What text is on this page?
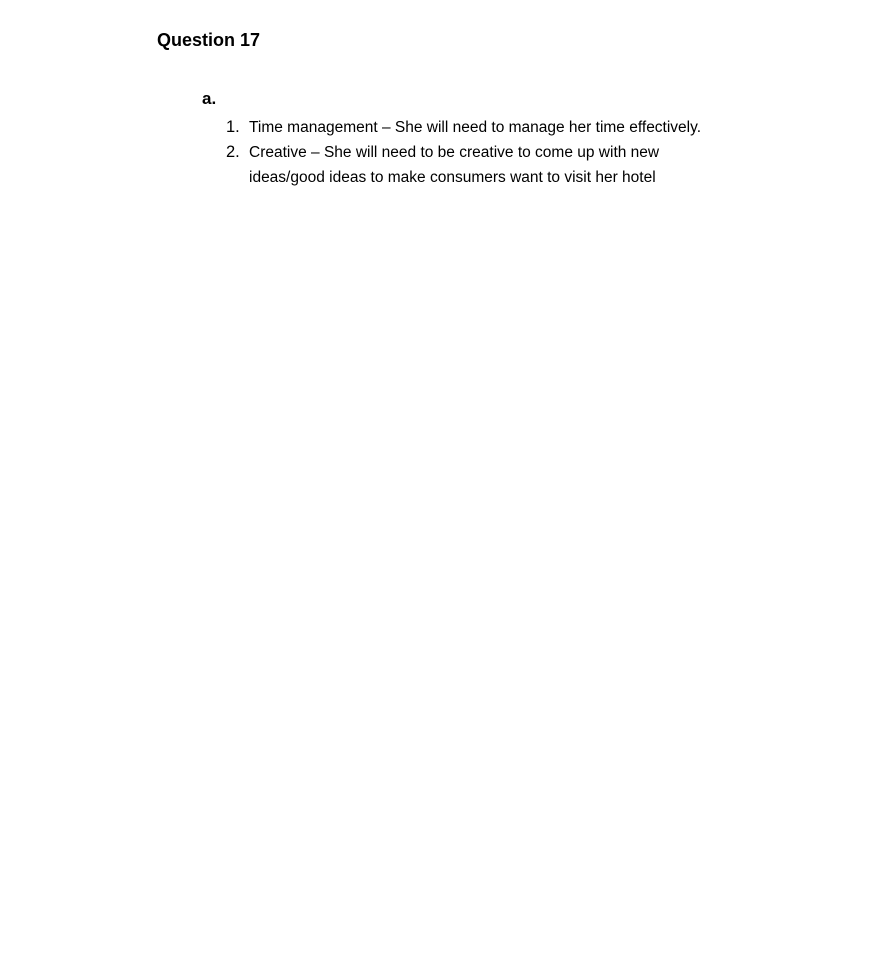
Question 17
a.
1. Time management – She will need to manage her time effectively.
2. Creative – She will need to be creative to come up with new ideas/good ideas to make consumers want to visit her hotel
